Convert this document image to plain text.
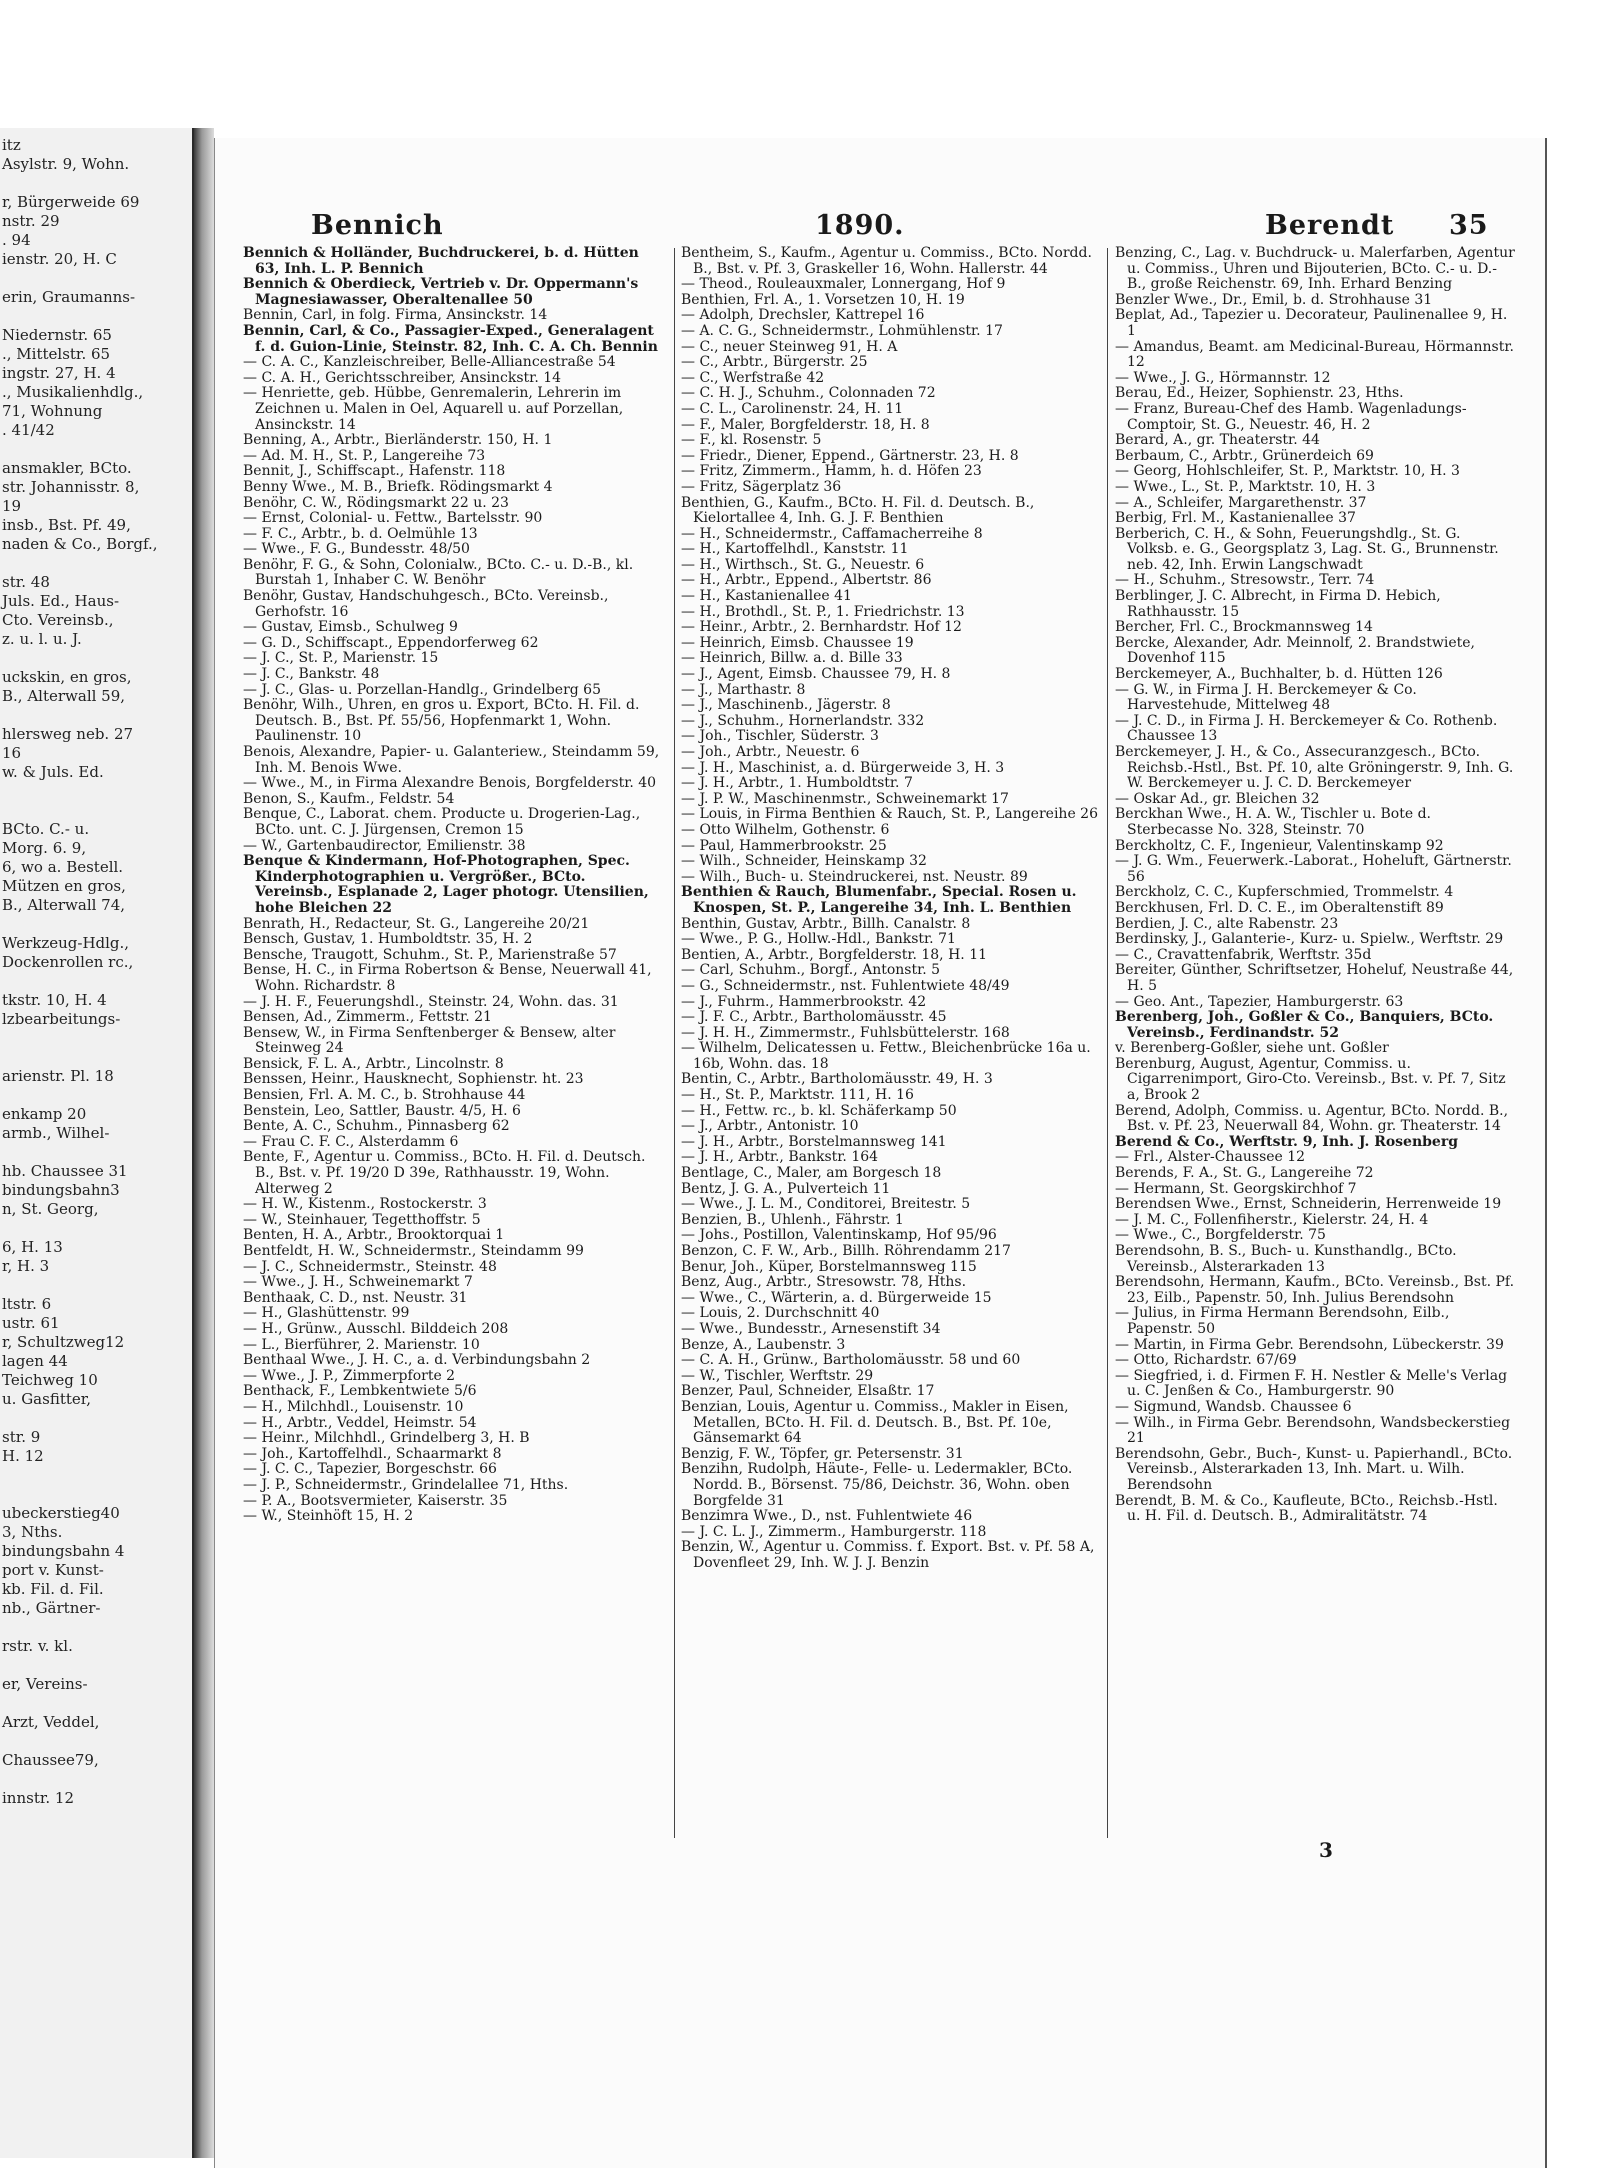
itz
Asylstr. 9, Wohn.
r, Bürgerweide 69
nstr. 29
. 94
ienstr. 20, H. C
erin, Graumanns-
Niedernstr. 65
., Mittelstr. 65
ingstr. 27, H. 4
., Musikalienhdlg.,
71, Wohnung
. 41/42
ansmakler, BCto.
str. Johannisstr. 8,
19
insb., Bst. Pf. 49,
naden & Co., Borgf.,
str. 48
Juls. Ed., Haus-
Cto. Vereinsb.,
z. u. l. u. J.
uckskin, en gros,
B., Alterwall 59,
hlersweg neb. 27
16
w. & Juls. Ed.
BCto. C.- u.
Morg. 6. 9,
6, wo a. Bestell.
Mützen en gros,
B., Alterwall 74,
Werkzeug-Hdlg.,
Dockenrollen rc.,
tkstr. 10, H. 4
lzbearbeitungs-
arienstr. Pl. 18
enkamp 20
armb., Wilhel-
hb. Chaussee 31
bindungsbahn3
n, St. Georg,
6, H. 13
r, H. 3
ltstr. 6
ustr. 61
r, Schultzweg12
lagen 44
Teichweg 10
u. Gasfitter,
str. 9
H. 12
ubeckerstieg40
3, Nths.
bindungsbahn 4
port v. Kunst-
kb. Fil. d. Fil.
nb., Gärtner-
rstr. v. kl.
er, Vereins-
Arzt, Veddel,
Chaussee79,
innstr. 12
Bennich	1890.	Berendt 35
Bennich & Holländer, Buchdruckerei, b. d. Hütten 63, Inh. L. P. Bennich
Bennich & Oberdieck, Vertrieb v. Dr. Oppermann's Magnesiawasser, Oberaltenallee 50
Bennin, Carl, in folg. Firma, Ansinckstr. 14
Bennin, Carl, & Co., Passagier-Exped., Generalagent f. d. Guion-Linie, Steinstr. 82, Inh. C. A. Ch. Bennin
— C. A. C., Kanzleischreiber, Belle-Alliancestraße 54
— C. A. H., Gerichtsschreiber, Ansinckstr. 14
— Henriette, geb. Hübbe, Genremalerin, Lehrerin im Zeichnen u. Malen in Oel, Aquarell u. auf Porzellan, Ansinckstr. 14
Benning, A., Arbtr., Bierländerstr. 150, H. 1
— Ad. M. H., St. P., Langereihe 73
Bennit, J., Schiffscapt., Hafenstr. 118
Benny Wwe., M. B., Briefk. Rödingsmarkt 4
Benöhr, C. W., Rödingsmarkt 22 u. 23
— Ernst, Colonial- u. Fettw., Bartelsstr. 90
— F. C., Arbtr., b. d. Oelmühle 13
— Wwe., F. G., Bundesstr. 48/50
Benöhr, F. G., & Sohn, Colonialw., BCto. C.- u. D.-B., kl. Burstah 1, Inhaber C. W. Benöhr
Benöhr, Gustav, Handschuhgesch., BCto. Vereinsb., Gerhofstr. 16
— Gustav, Eimsb., Schulweg 9
— G. D., Schiffscapt., Eppendorferweg 62
— J. C., St. P., Marienstr. 15
— J. C., Bankstr. 48
— J. C., Glas- u. Porzellan-Handlg., Grindelberg 65
Benöhr, Wilh., Uhren, en gros u. Export, BCto. H. Fil. d. Deutsch. B., Bst. Pf. 55/56, Hopfenmarkt 1, Wohn. Paulinenstr. 10
Benois, Alexandre, Papier- u. Galanteriew., Steindamm 59, Inh. M. Benois Wwe.
— Wwe., M., in Firma Alexandre Benois, Borgfelderstr. 40
Benon, S., Kaufm., Feldstr. 54
Benque, C., Laborat. chem. Producte u. Drogerien-Lag., BCto. unt. C. J. Jürgensen, Cremon 15
— W., Gartenbaudirector, Emilienstr. 38
Benque & Kindermann, Hof-Photographen, Spec. Kinderphotographien u. Vergrößer., BCto. Vereinsb., Esplanade 2, Lager photogr. Utensilien, hohe Bleichen 22
Benrath, H., Redacteur, St. G., Langereihe 20/21
Bensch, Gustav, 1. Humboldtstr. 35, H. 2
Bensche, Traugott, Schuhm., St. P., Marienstraße 57
Bense, H. C., in Firma Robertson & Bense, Neuerwall 41, Wohn. Richardstr. 8
— J. H. F., Feuerungshdl., Steinstr. 24, Wohn. das. 31
Bensen, Ad., Zimmerm., Fettstr. 21
Bensew, W., in Firma Senftenberger & Bensew, alter Steinweg 24
Bensick, F. L. A., Arbtr., Lincolnstr. 8
Benssen, Heinr., Hausknecht, Sophienstr. ht. 23
Bensien, Frl. A. M. C., b. Strohhause 44
Benstein, Leo, Sattler, Baustr. 4/5, H. 6
Bente, A. C., Schuhm., Pinnasberg 62
— Frau C. F. C., Alsterdamm 6
Bente, F., Agentur u. Commiss., BCto. H. Fil. d. Deutsch. B., Bst. v. Pf. 19/20 D 39e, Rathhausstr. 19, Wohn. Alterweg 2
— H. W., Kistenm., Rostockerstr. 3
— W., Steinhauer, Tegetthoffstr. 5
Benten, H. A., Arbtr., Brooktorquai 1
Bentfeldt, H. W., Schneidermstr., Steindamm 99
— J. C., Schneidermstr., Steinstr. 48
— Wwe., J. H., Schweinemarkt 7
Benthaak, C. D., nst. Neustr. 31
— H., Glashüttenstr. 99
— H., Grünw., Ausschl. Bilddeich 208
— L., Bierführer, 2. Marienstr. 10
Benthaal Wwe., J. H. C., a. d. Verbindungsbahn 2
— Wwe., J. P., Zimmerpforte 2
Benthack, F., Lembkentwiete 5/6
— H., Milchhdl., Louisenstr. 10
— H., Arbtr., Veddel, Heimstr. 54
— Heinr., Milchhdl., Grindelberg 3, H. B
— Joh., Kartoffelhdl., Schaarmarkt 8
— J. C. C., Tapezier, Borgeschstr. 66
— J. P., Schneidermstr., Grindelallee 71, Hths.
— P. A., Bootsvermieter, Kaiserstr. 35
— W., Steinhöft 15, H. 2
Bentheim, S., Kaufm., Agentur u. Commiss., BCto. Nordd. B., Bst. v. Pf. 3, Graskeller 16, Wohn. Hallerstr. 44
— Theod., Rouleauxmaler, Lonnergang, Hof 9
Benthien, Frl. A., 1. Vorsetzen 10, H. 19
— Adolph, Drechsler, Kattrepel 16
— A. C. G., Schneidermstr., Lohmühlenstr. 17
— C., neuer Steinweg 91, H. A
— C., Arbtr., Bürgerstr. 25
— C., Werfstraße 42
— C. H. J., Schuhm., Colonnaden 72
— C. L., Carolinenstr. 24, H. 11
— F., Maler, Borgfelderstr. 18, H. 8
— F., kl. Rosenstr. 5
— Friedr., Diener, Eppend., Gärtnerstr. 23, H. 8
— Fritz, Zimmerm., Hamm, h. d. Höfen 23
— Fritz, Sägerplatz 36
Benthien, G., Kaufm., BCto. H. Fil. d. Deutsch. B., Kielortallee 4, Inh. G. J. F. Benthien
— H., Schneidermstr., Caffamacherreihe 8
— H., Kartoffelhdl., Kanststr. 11
— H., Wirthsch., St. G., Neuestr. 6
— H., Arbtr., Eppend., Albertstr. 86
— H., Kastanienallee 41
— H., Brothdl., St. P., 1. Friedrichstr. 13
— Heinr., Arbtr., 2. Bernhardstr. Hof 12
— Heinrich, Eimsb. Chaussee 19
— Heinrich, Billw. a. d. Bille 33
— J., Agent, Eimsb. Chaussee 79, H. 8
— J., Marthastr. 8
— J., Maschinenb., Jägerstr. 8
— J., Schuhm., Hornerlandstr. 332
— Joh., Tischler, Süderstr. 3
— Joh., Arbtr., Neuestr. 6
— J. H., Maschinist, a. d. Bürgerweide 3, H. 3
— J. H., Arbtr., 1. Humboldtstr. 7
— J. P. W., Maschinenmstr., Schweinemarkt 17
— Louis, in Firma Benthien & Rauch, St. P., Langereihe 26
— Otto Wilhelm, Gothenstr. 6
— Paul, Hammerbrookstr. 25
— Wilh., Schneider, Heinskamp 32
— Wilh., Buch- u. Steindruckerei, nst. Neustr. 89
Benthien & Rauch, Blumenfabr., Special. Rosen u. Knospen, St. P., Langereihe 34, Inh. L. Benthien
Benthin, Gustav, Arbtr., Billh. Canalstr. 8
— Wwe., P. G., Hollw.-Hdl., Bankstr. 71
Bentien, A., Arbtr., Borgfelderstr. 18, H. 11
— Carl, Schuhm., Borgf., Antonstr. 5
— G., Schneidermstr., nst. Fuhlentwiete 48/49
— J., Fuhrm., Hammerbrookstr. 42
— J. F. C., Arbtr., Bartholomäusstr. 45
— J. H. H., Zimmermstr., Fuhlsbüttelerstr. 168
— Wilhelm, Delicatessen u. Fettw., Bleichenbrücke 16a u. 16b, Wohn. das. 18
Bentin, C., Arbtr., Bartholomäusstr. 49, H. 3
— H., St. P., Marktstr. 111, H. 16
— H., Fettw. rc., b. kl. Schäferkamp 50
— J., Arbtr., Antonistr. 10
— J. H., Arbtr., Borstelmannsweg 141
— J. H., Arbtr., Bankstr. 164
Bentlage, C., Maler, am Borgesch 18
Bentz, J. G. A., Pulverteich 11
— Wwe., J. L. M., Conditorei, Breitestr. 5
Benzien, B., Uhlenh., Fährstr. 1
— Johs., Postillon, Valentinskamp, Hof 95/96
Benzon, C. F. W., Arb., Billh. Röhrendamm 217
Benur, Joh., Küper, Borstelmannsweg 115
Benz, Aug., Arbtr., Stresowstr. 78, Hths.
— Wwe., C., Wärterin, a. d. Bürgerweide 15
— Louis, 2. Durchschnitt 40
— Wwe., Bundesstr., Arnesenstift 34
Benze, A., Laubenstr. 3
— C. A. H., Grünw., Bartholomäusstr. 58 und 60
— W., Tischler, Werftstr. 29
Benzer, Paul, Schneider, Elsaßtr. 17
Benzian, Louis, Agentur u. Commiss., Makler in Eisen, Metallen, BCto. H. Fil. d. Deutsch. B., Bst. Pf. 10e, Gänsemarkt 64
Benzig, F. W., Töpfer, gr. Petersenstr. 31
Benzihn, Rudolph, Häute-, Felle- u. Ledermakler, BCto. Nordd. B., Börsenst. 75/86, Deichstr. 36, Wohn. oben Borgfelde 31
Benzimra Wwe., D., nst. Fuhlentwiete 46
— J. C. L. J., Zimmerm., Hamburgerstr. 118
Benzin, W., Agentur u. Commiss. f. Export. Bst. v. Pf. 58 A, Dovenfleet 29, Inh. W. J. J. Benzin
Benzing, C., Lag. v. Buchdruck- u. Malerfarben, Agentur u. Commiss., Uhren und Bijouterien, BCto. C.- u. D.-B., große Reichenstr. 69, Inh. Erhard Benzing
Benzler Wwe., Dr., Emil, b. d. Strohhause 31
Beplat, Ad., Tapezier u. Decorateur, Paulinenallee 9, H. 1
— Amandus, Beamt. am Medicinal-Bureau, Hörmannstr. 12
— Wwe., J. G., Hörmannstr. 12
Berau, Ed., Heizer, Sophienstr. 23, Hths.
— Franz, Bureau-Chef des Hamb. Wagenladungs-Comptoir, St. G., Neuestr. 46, H. 2
Berard, A., gr. Theaterstr. 44
Berbaum, C., Arbtr., Grünerdeich 69
— Georg, Hohlschleifer, St. P., Marktstr. 10, H. 3
— Wwe., L., St. P., Marktstr. 10, H. 3
— A., Schleifer, Margarethenstr. 37
Berbig, Frl. M., Kastanienallee 37
Berberich, C. H., & Sohn, Feuerungshdlg., St. G. Volksb. e. G., Georgsplatz 3, Lag. St. G., Brunnenstr. neb. 42, Inh. Erwin Langschwadt
— H., Schuhm., Stresowstr., Terr. 74
Berblinger, J. C. Albrecht, in Firma D. Hebich, Rathhausstr. 15
Bercher, Frl. C., Brockmannsweg 14
Bercke, Alexander, Adr. Meinnolf, 2. Brandstwiete, Dovenhof 115
Berckemeyer, A., Buchhalter, b. d. Hütten 126
— G. W., in Firma J. H. Berckemeyer & Co. Harvestehude, Mittelweg 48
— J. C. D., in Firma J. H. Berckemeyer & Co. Rothenb. Chaussee 13
Berckemeyer, J. H., & Co., Assecuranzgesch., BCto. Reichsb.-Hstl., Bst. Pf. 10, alte Gröningerstr. 9, Inh. G. W. Berckemeyer u. J. C. D. Berckemeyer
— Oskar Ad., gr. Bleichen 32
Berckhan Wwe., H. A. W., Tischler u. Bote d. Sterbecasse No. 328, Steinstr. 70
Berckholtz, C. F., Ingenieur, Valentinskamp 92
— J. G. Wm., Feuerwerk.-Laborat., Hoheluft, Gärtnerstr. 56
Berckholz, C. C., Kupferschmied, Trommelstr. 4
Berckhusen, Frl. D. C. E., im Oberaltenstift 89
Berdien, J. C., alte Rabenstr. 23
Berdinsky, J., Galanterie-, Kurz- u. Spielw., Werftstr. 29
— C., Cravattenfabrik, Werftstr. 35d
Bereiter, Günther, Schriftsetzer, Hoheluf, Neustraße 44, H. 5
— Geo. Ant., Tapezier, Hamburgerstr. 63
Berenberg, Joh., Goßler & Co., Banquiers, BCto. Vereinsb., Ferdinandstr. 52
v. Berenberg-Goßler, siehe unt. Goßler
Berenburg, August, Agentur, Commiss. u. Cigarrenimport, Giro-Cto. Vereinsb., Bst. v. Pf. 7, Sitz a, Brook 2
Berend, Adolph, Commiss. u. Agentur, BCto. Nordd. B., Bst. v. Pf. 23, Neuerwall 84, Wohn. gr. Theaterstr. 14
Berend & Co., Werftstr. 9, Inh. J. Rosenberg
— Frl., Alster-Chaussee 12
Berends, F. A., St. G., Langereihe 72
— Hermann, St. Georgskirchhof 7
Berendsen Wwe., Ernst, Schneiderin, Herrenweide 19
— J. M. C., Follenfiherstr., Kielerstr. 24, H. 4
— Wwe., C., Borgfelderstr. 75
Berendsohn, B. S., Buch- u. Kunsthandlg., BCto. Vereinsb., Alsterarkaden 13
Berendsohn, Hermann, Kaufm., BCto. Vereinsb., Bst. Pf. 23, Eilb., Papenstr. 50, Inh. Julius Berendsohn
— Julius, in Firma Hermann Berendsohn, Eilb., Papenstr. 50
— Martin, in Firma Gebr. Berendsohn, Lübeckerstr. 39
— Otto, Richardstr. 67/69
— Siegfried, i. d. Firmen F. H. Nestler & Melle's Verlag u. C. Jenßen & Co., Hamburgerstr. 90
— Sigmund, Wandsb. Chaussee 6
— Wilh., in Firma Gebr. Berendsohn, Wandsbeckerstieg 21
Berendsohn, Gebr., Buch-, Kunst- u. Papierhandl., BCto. Vereinsb., Alsterarkaden 13, Inh. Mart. u. Wilh. Berendsohn
Berendt, B. M. & Co., Kaufleute, BCto., Reichsb.-Hstl. u. H. Fil. d. Deutsch. B., Admiralitätstr. 74
3
